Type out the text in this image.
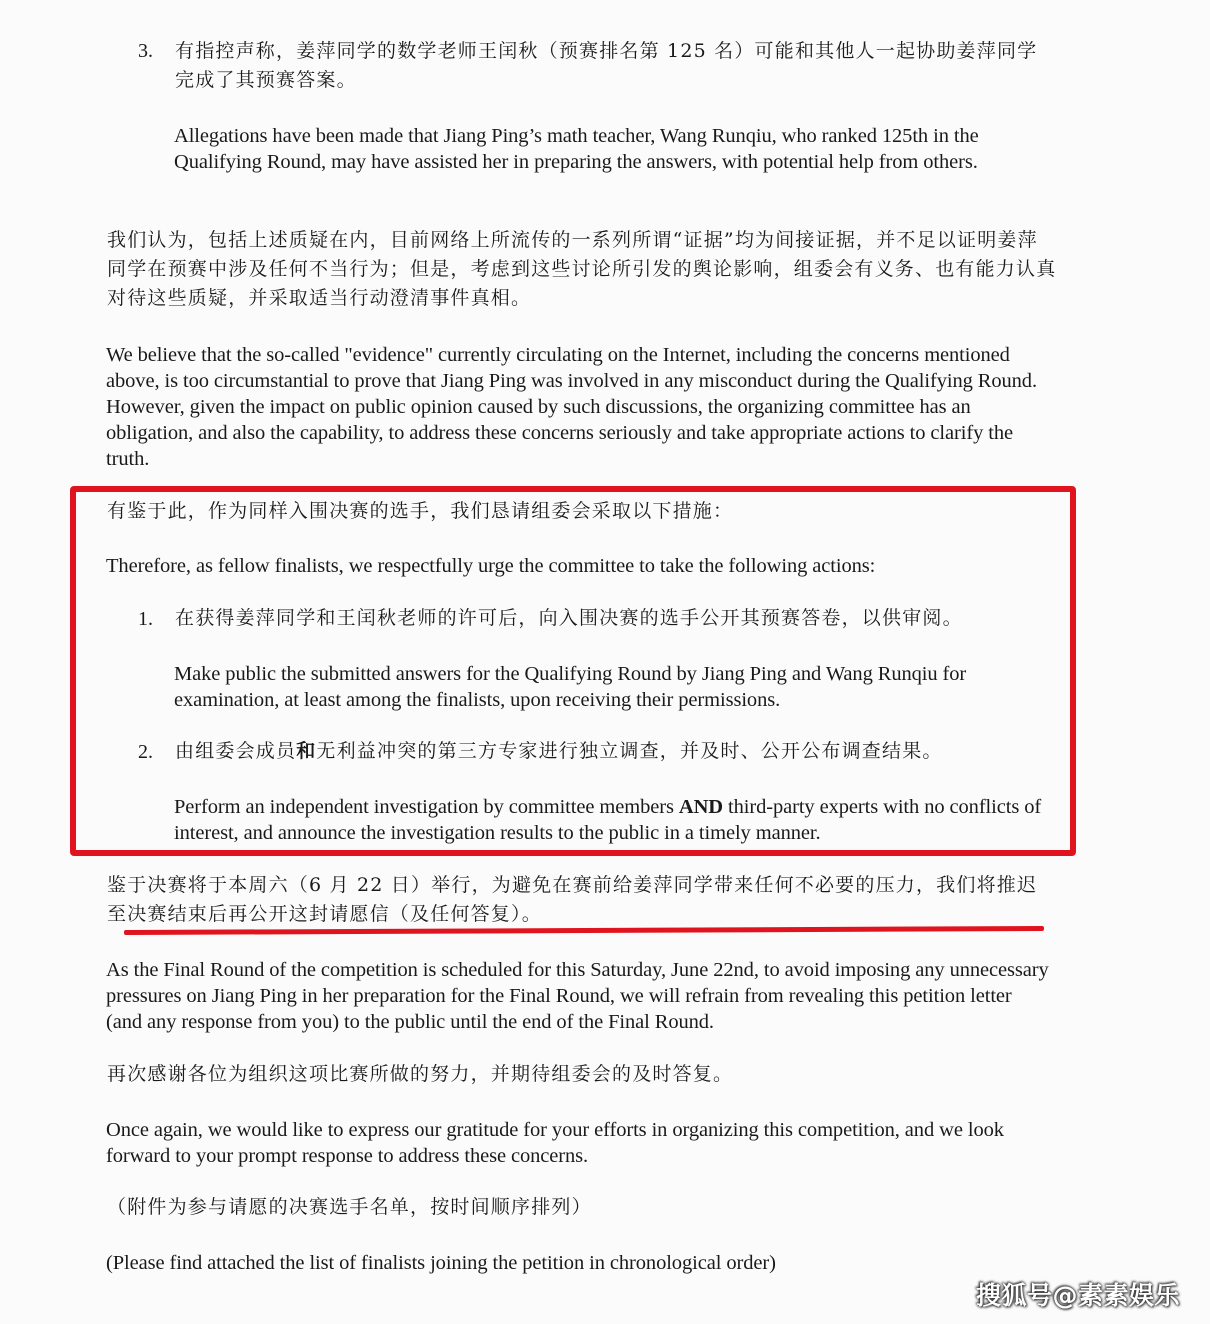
3. 有指控声称，姜萍同学的数学老师王闰秋（预赛排名第 125 名）可能和其他人一起协助姜萍同学完成了其预赛答案。

Allegations have been made that Jiang Ping’s math teacher, Wang Runqiu, who ranked 125th in the Qualifying Round, may have assisted her in preparing the answers, with potential help from others.

我们认为，包括上述质疑在内，目前网络上所流传的一系列所谓“证据”均为间接证据，并不足以证明姜萍同学在预赛中涉及任何不当行为；但是，考虑到这些讨论所引发的舆论影响，组委会有义务、也有能力认真对待这些质疑，并采取适当行动澄清事件真相。

We believe that the so-called "evidence" currently circulating on the Internet, including the concerns mentioned above, is too circumstantial to prove that Jiang Ping was involved in any misconduct during the Qualifying Round. However, given the impact on public opinion caused by such discussions, the organizing committee has an obligation, and also the capability, to address these concerns seriously and take appropriate actions to clarify the truth.

有鉴于此，作为同样入围决赛的选手，我们恳请组委会采取以下措施：

Therefore, as fellow finalists, we respectfully urge the committee to take the following actions:

1. 在获得姜萍同学和王闰秋老师的许可后，向入围决赛的选手公开其预赛答卷，以供审阅。

Make public the submitted answers for the Qualifying Round by Jiang Ping and Wang Runqiu for examination, at least among the finalists, upon receiving their permissions.

2. 由组委会成员和无利益冲突的第三方专家进行独立调查，并及时、公开公布调查结果。

Perform an independent investigation by committee members AND third-party experts with no conflicts of interest, and announce the investigation results to the public in a timely manner.

鉴于决赛将于本周六（6 月 22 日）举行，为避免在赛前给姜萍同学带来任何不必要的压力，我们将推迟至决赛结束后再公开这封请愿信（及任何答复）。

As the Final Round of the competition is scheduled for this Saturday, June 22nd, to avoid imposing any unnecessary pressures on Jiang Ping in her preparation for the Final Round, we will refrain from revealing this petition letter (and any response from you) to the public until the end of the Final Round.

再次感谢各位为组织这项比赛所做的努力，并期待组委会的及时答复。

Once again, we would like to express our gratitude for your efforts in organizing this competition, and we look forward to your prompt response to address these concerns.

（附件为参与请愿的决赛选手名单，按时间顺序排列）

(Please find attached the list of finalists joining the petition in chronological order)

搜狐号@素素娱乐
